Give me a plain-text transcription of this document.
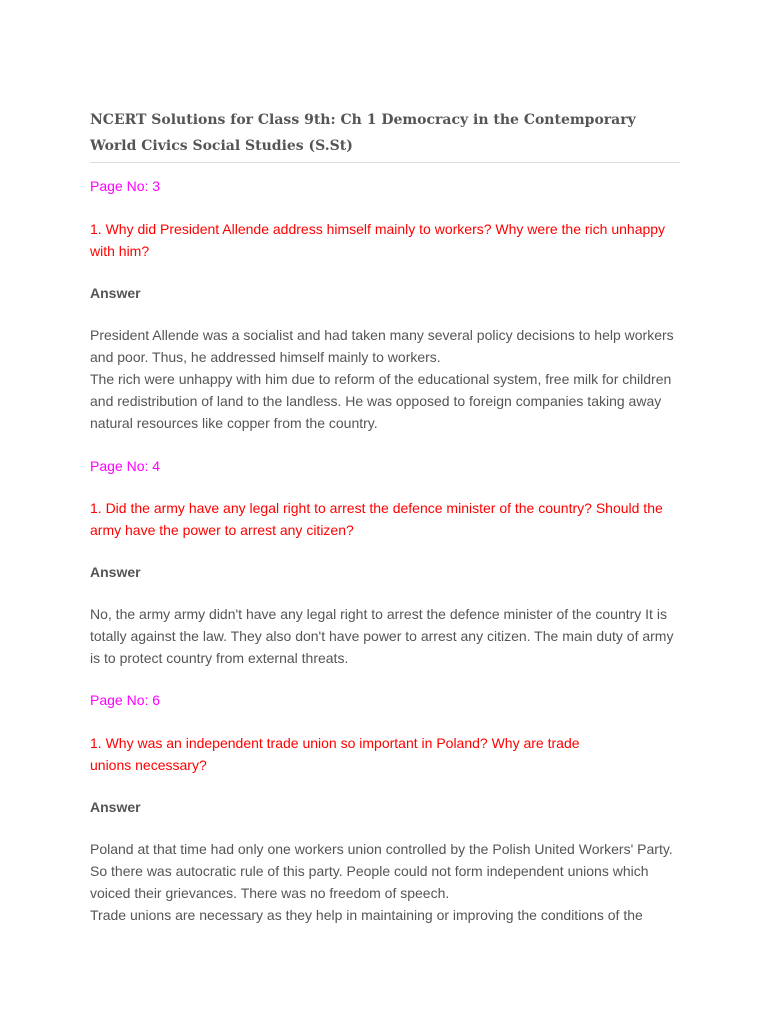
NCERT Solutions for Class 9th: Ch 1 Democracy in the Contemporary World Civics Social Studies (S.St)

Page No: 3

1. Why did President Allende address himself mainly to workers? Why were the rich unhappy with him?

Answer

President Allende was a socialist and had taken many several policy decisions to help workers and poor. Thus, he addressed himself mainly to workers.
The rich were unhappy with him due to reform of the educational system, free milk for children and redistribution of land to the landless. He was opposed to foreign companies taking away natural resources like copper from the country.

Page No: 4

1. Did the army have any legal right to arrest the defence minister of the country? Should the army have the power to arrest any citizen?

Answer

No, the army army didn't have any legal right to arrest the defence minister of the country It is totally against the law. They also don't have power to arrest any citizen. The main duty of army is to protect country from external threats.

Page No: 6

1. Why was an independent trade union so important in Poland? Why are trade unions necessary?

Answer

Poland at that time had only one workers union controlled by the Polish United Workers' Party. So there was autocratic rule of this party. People could not form independent unions which voiced their grievances. There was no freedom of speech.
Trade unions are necessary as they help in maintaining or improving the conditions of the
